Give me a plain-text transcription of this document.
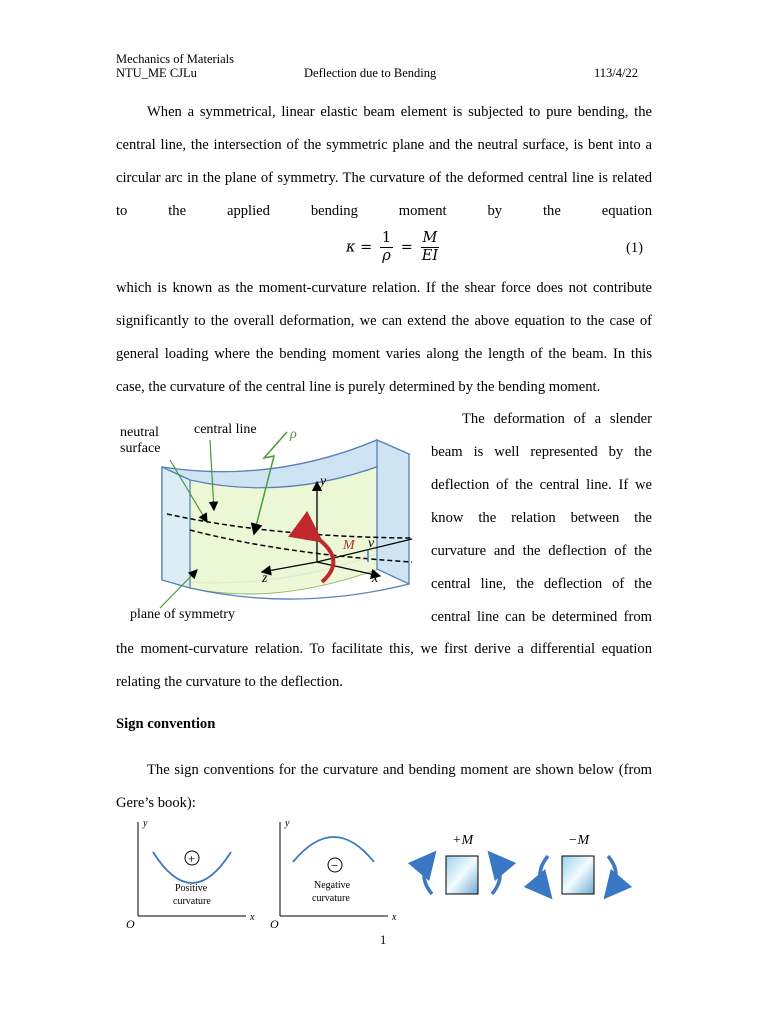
Mechanics of Materials
NTU_ME CJLu	Deflection due to Bending	113/4/22
When a symmetrical, linear elastic beam element is subjected to pure bending, the central line, the intersection of the symmetric plane and the neutral surface, is bent into a circular arc in the plane of symmetry. The curvature of the deformed central line is related to the applied bending moment by the equation
$\kappa = \frac{1}{\rho} = \frac{M}{EI}$	(1)
which is known as the moment-curvature relation. If the shear force does not contribute significantly to the overall deformation, we can extend the above equation to the case of general loading where the bending moment varies along the length of the beam. In this case, the curvature of the central line is purely determined by the bending moment.
The deformation of a slender beam is well represented by the deflection of the central line. If we know the relation between the curvature and the deflection of the central line, the deflection of the central line can be determined from
neutral
surface
central line ρ
y
M v
z	x
plane of symmetry
the moment-curvature relation. To facilitate this, we first derive a differential equation relating the curvature to the deflection.
Sign convention
The sign conventions for the curvature and bending moment are shown below (from Gere’s book):
y
x
O
+
Positive
curvature
y
x
O
−
Negative
curvature
+M	−M
1
